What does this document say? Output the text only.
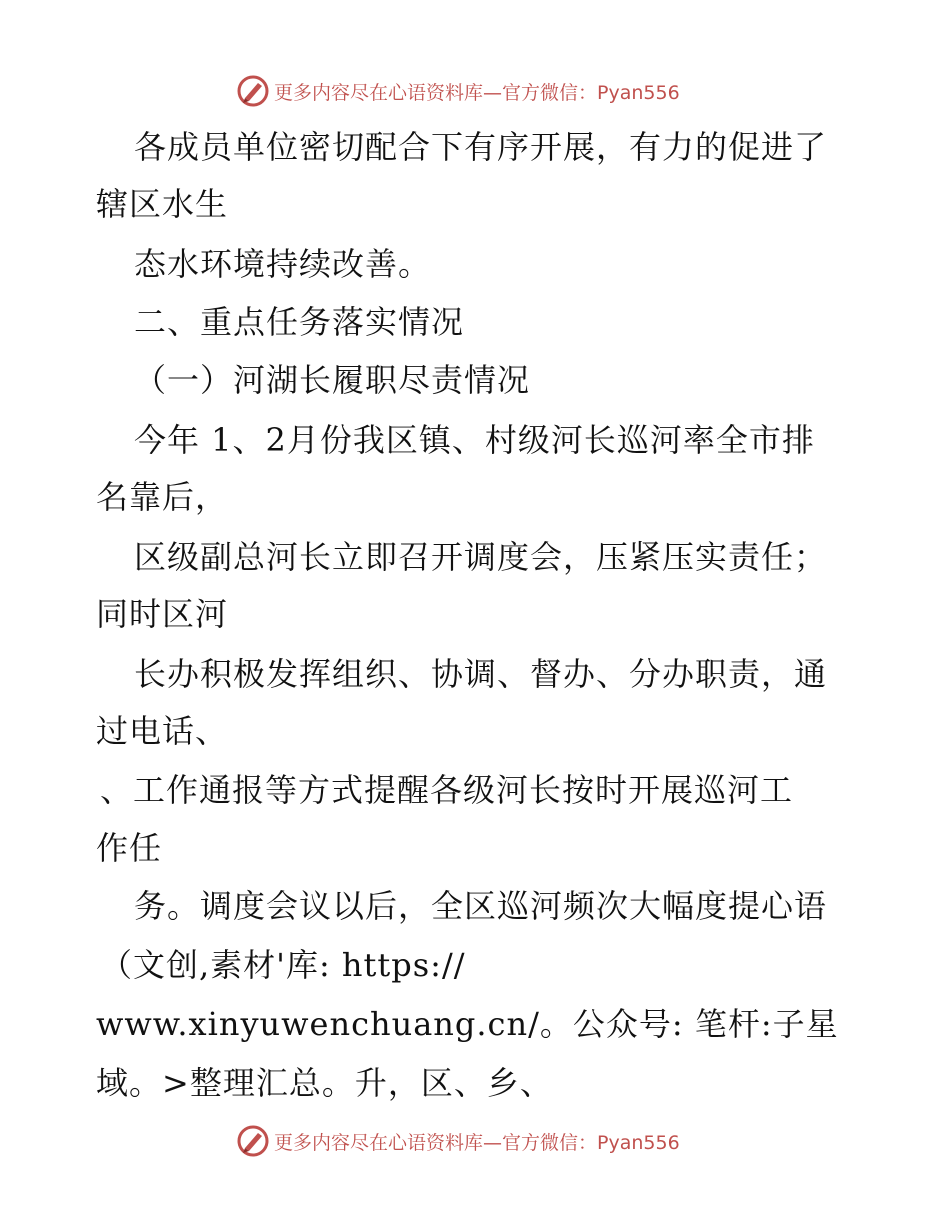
更多内容尽在心语资料库—官方微信：Pyan556
各成员单位密切配合下有序开展，有力的促进了
辖区水生
态水环境持续改善。
二、重点任务落实情况
（一）河湖长履职尽责情况
今年 1、2月份我区镇、村级河长巡河率全市排
名靠后，
区级副总河长立即召开调度会，压紧压实责任；
同时区河
长办积极发挥组织、协调、督办、分办职责，通
过电话、
、工作通报等方式提醒各级河长按时开展巡河工
作任
务。调度会议以后，全区巡河频次大幅度提心语
（文创,素材'库: https://
www.xinyuwenchuang.cn/。公众号: 笔杆:子星
域。>整理汇总。升，区、乡、
更多内容尽在心语资料库—官方微信：Pyan556
